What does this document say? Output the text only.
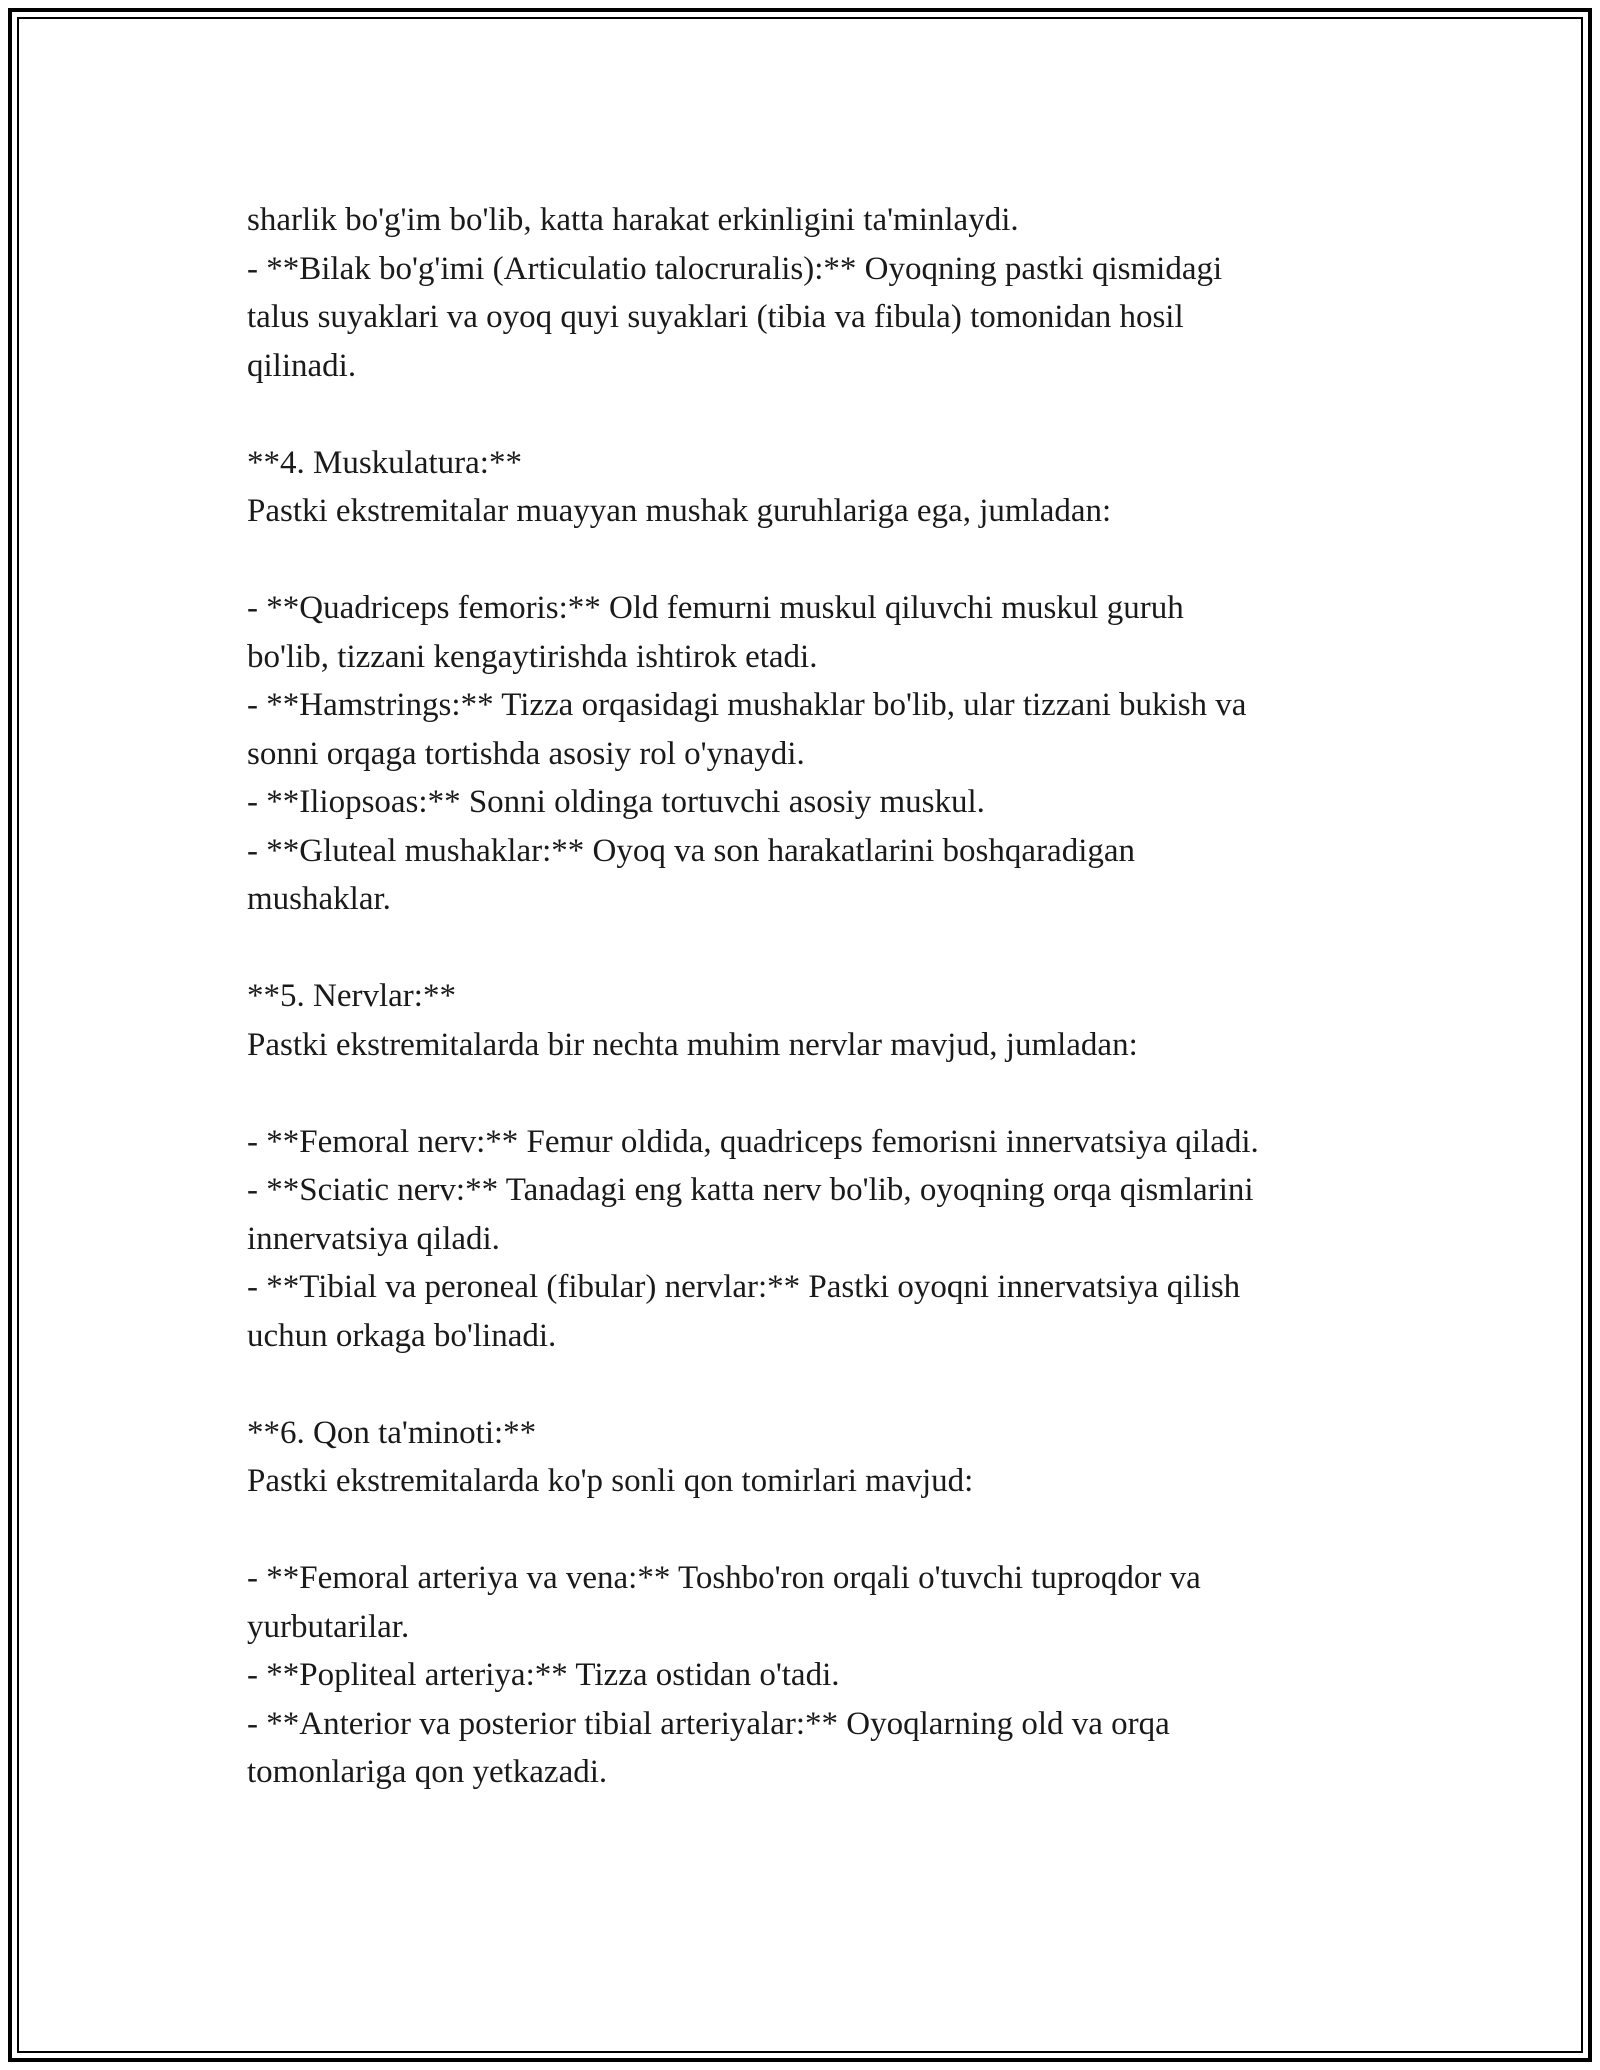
sharlik bo'g'im bo'lib, katta harakat erkinligini ta'minlaydi.
- **Bilak bo'g'imi (Articulatio talocruralis):** Oyoqning pastki qismidagi
talus suyaklari va oyoq quyi suyaklari (tibia va fibula) tomonidan hosil
qilinadi.
**4. Muskulatura:**
Pastki ekstremitalar muayyan mushak guruhlariga ega, jumladan:
- **Quadriceps femoris:** Old femurni muskul qiluvchi muskul guruh
bo'lib, tizzani kengaytirishda ishtirok etadi.
- **Hamstrings:** Tizza orqasidagi mushaklar bo'lib, ular tizzani bukish va
sonni orqaga tortishda asosiy rol o'ynaydi.
- **Iliopsoas:** Sonni oldinga tortuvchi asosiy muskul.
- **Gluteal mushaklar:** Oyoq va son harakatlarini boshqaradigan
mushaklar.
**5. Nervlar:**
Pastki ekstremitalarda bir nechta muhim nervlar mavjud, jumladan:
- **Femoral nerv:** Femur oldida, quadriceps femorisni innervatsiya qiladi.
- **Sciatic nerv:** Tanadagi eng katta nerv bo'lib, oyoqning orqa qismlarini
innervatsiya qiladi.
- **Tibial va peroneal (fibular) nervlar:** Pastki oyoqni innervatsiya qilish
uchun orkaga bo'linadi.
**6. Qon ta'minoti:**
Pastki ekstremitalarda ko'p sonli qon tomirlari mavjud:
- **Femoral arteriya va vena:** Toshbo'ron orqali o'tuvchi tuproqdor va
yurbutarilar.
- **Popliteal arteriya:** Tizza ostidan o'tadi.
- **Anterior va posterior tibial arteriyalar:** Oyoqlarning old va orqa
tomonlariga qon yetkazadi.
